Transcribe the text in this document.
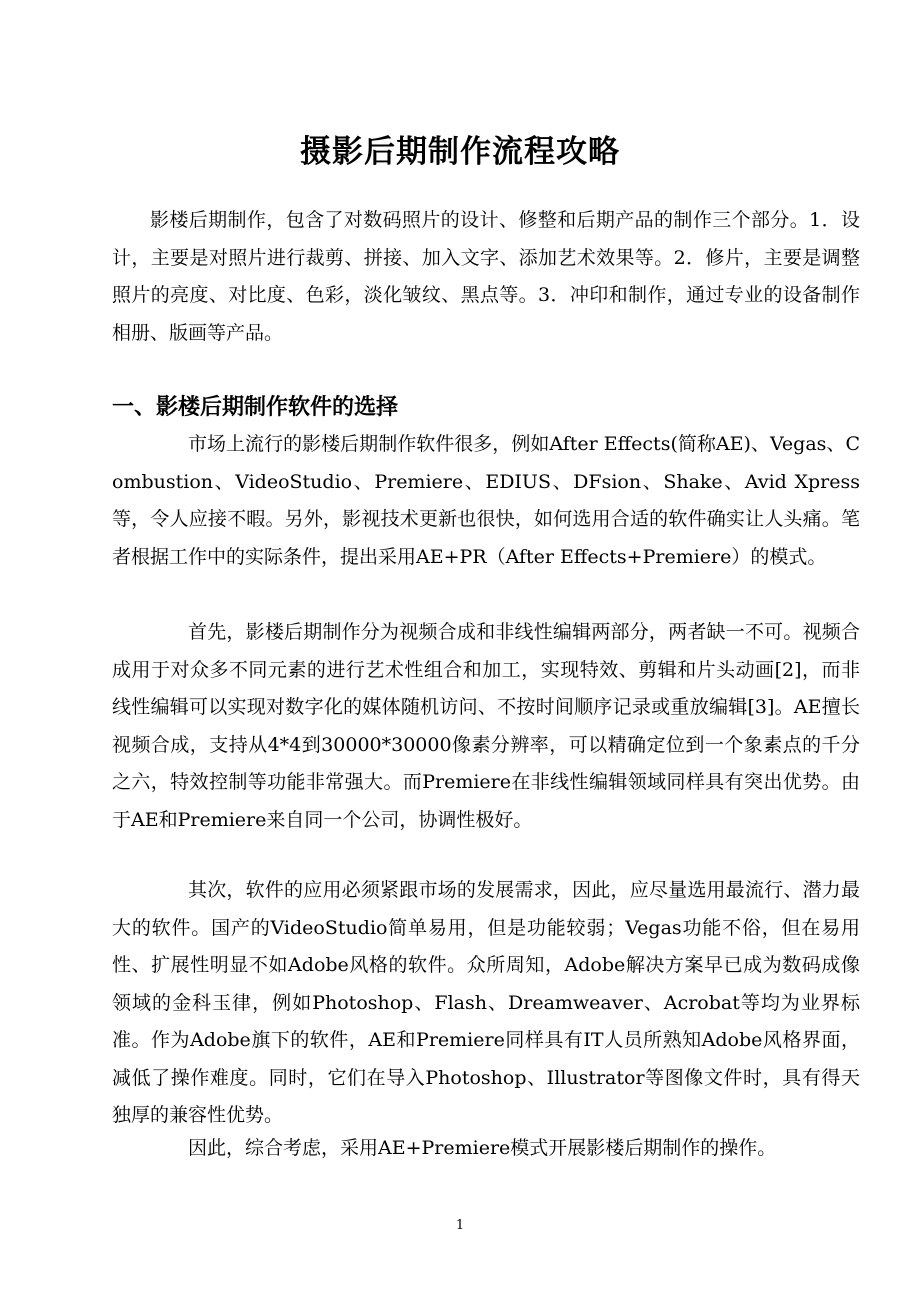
摄影后期制作流程攻略

影楼后期制作，包含了对数码照片的设计、修整和后期产品的制作三个部分。1．设计，主要是对照片进行裁剪、拼接、加入文字、添加艺术效果等。2．修片，主要是调整照片的亮度、对比度、色彩，淡化皱纹、黑点等。3．冲印和制作，通过专业的设备制作相册、版画等产品。

一、影楼后期制作软件的选择

市场上流行的影楼后期制作软件很多，例如After Effects(简称AE)、Vegas、Combustion、VideoStudio、Premiere、EDIUS、DFsion、Shake、Avid Xpress等，令人应接不暇。另外，影视技术更新也很快，如何选用合适的软件确实让人头痛。笔者根据工作中的实际条件，提出采用AE+PR（After Effects+Premiere）的模式。

首先，影楼后期制作分为视频合成和非线性编辑两部分，两者缺一不可。视频合成用于对众多不同元素的进行艺术性组合和加工，实现特效、剪辑和片头动画[2]，而非线性编辑可以实现对数字化的媒体随机访问、不按时间顺序记录或重放编辑[3]。AE擅长视频合成，支持从4*4到30000*30000像素分辨率，可以精确定位到一个象素点的千分之六，特效控制等功能非常强大。而Premiere在非线性编辑领域同样具有突出优势。由于AE和Premiere来自同一个公司，协调性极好。

其次，软件的应用必须紧跟市场的发展需求，因此，应尽量选用最流行、潜力最大的软件。国产的VideoStudio简单易用，但是功能较弱；Vegas功能不俗，但在易用性、扩展性明显不如Adobe风格的软件。众所周知，Adobe解决方案早已成为数码成像领域的金科玉律，例如Photoshop、Flash、Dreamweaver、Acrobat等均为业界标准。作为Adobe旗下的软件，AE和Premiere同样具有IT人员所熟知Adobe风格界面，减低了操作难度。同时，它们在导入Photoshop、Illustrator等图像文件时，具有得天独厚的兼容性优势。

因此，综合考虑，采用AE+Premiere模式开展影楼后期制作的操作。

1
